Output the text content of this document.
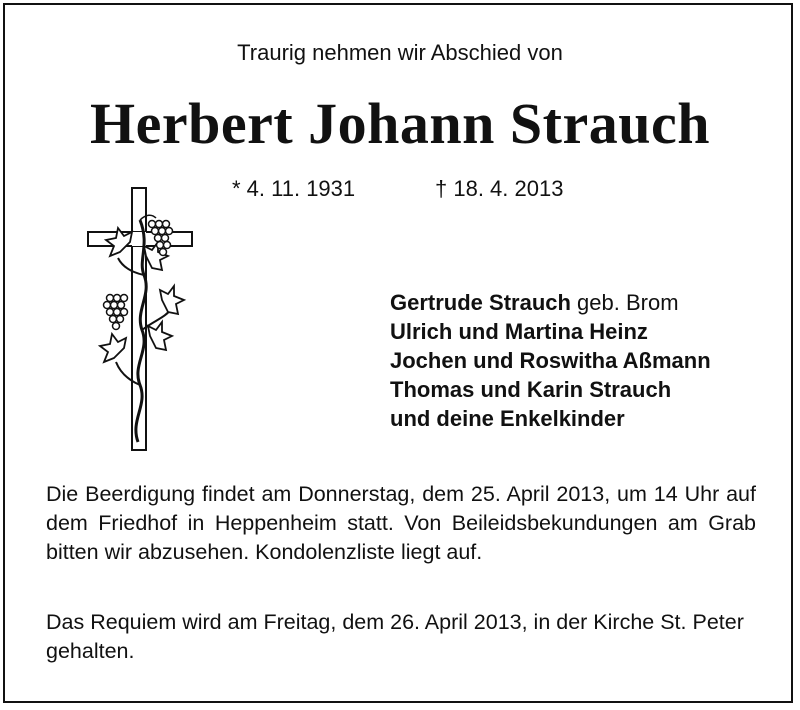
Traurig nehmen wir Abschied von
Herbert Johann Strauch
* 4. 11. 1931	† 18. 4. 2013
Gertrude Strauch geb. Brom
Ulrich und Martina Heinz
Jochen und Roswitha Aßmann
Thomas und Karin Strauch
und deine Enkelkinder
Die Beerdigung findet am Donnerstag, dem 25. April 2013, um 14 Uhr auf dem Friedhof in Heppenheim statt. Von Beileidsbekundungen am Grab bitten wir abzusehen. Kondolenzliste liegt auf.
Das Requiem wird am Freitag, dem 26. April 2013, in der Kirche St. Peter gehalten.
